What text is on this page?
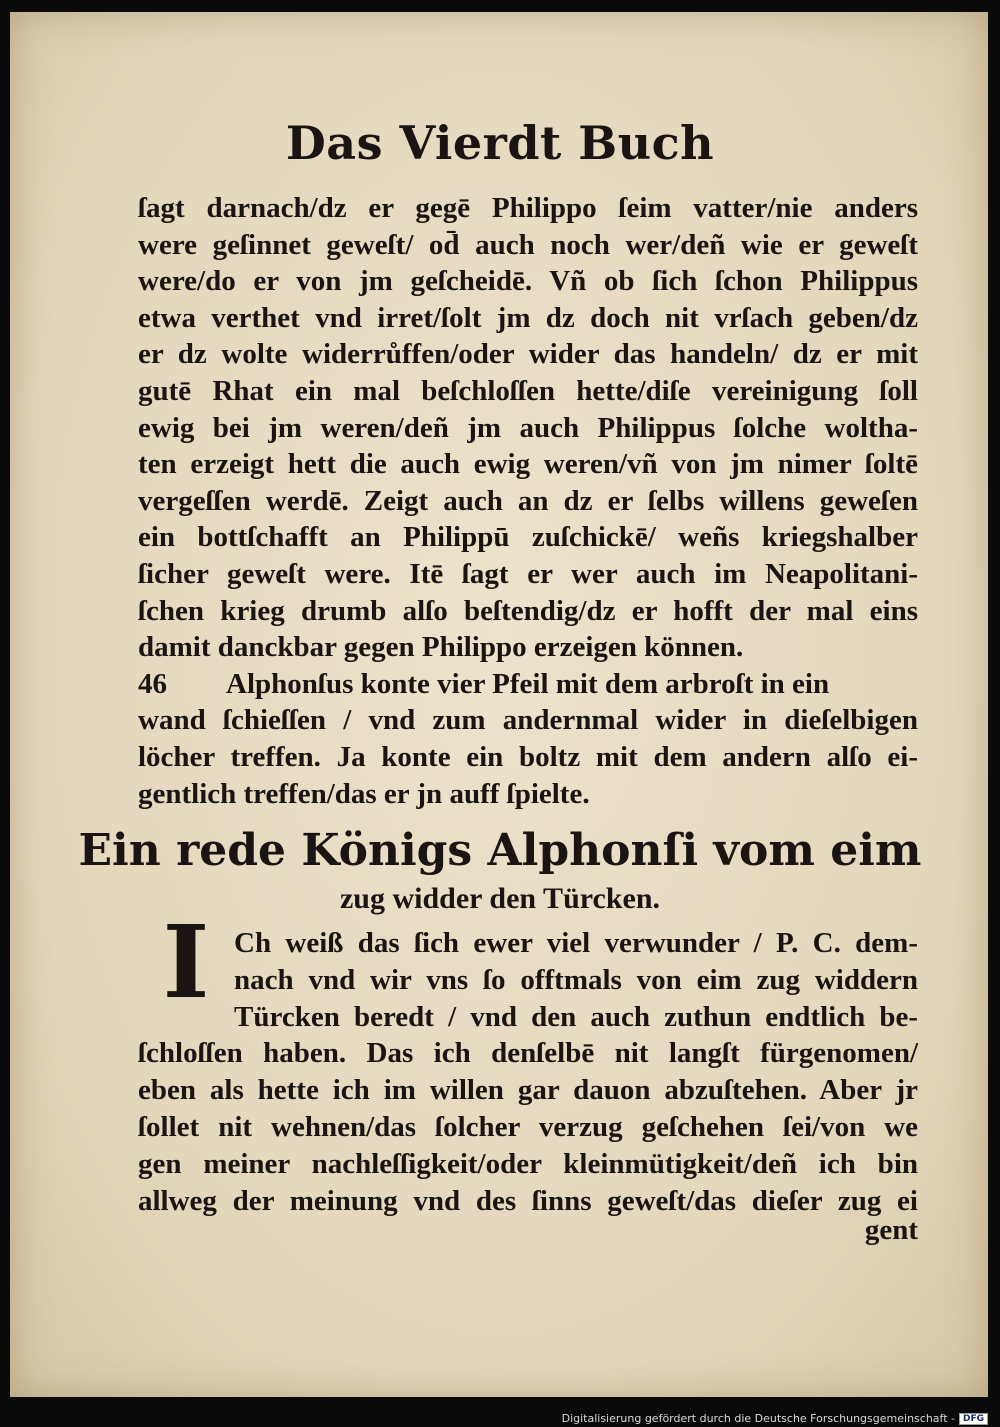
Das Vierdt Buch
ſagt darnach/dz er gegē Philippo ſeim vatter/nie anders
were geſinnet geweſt/ od̄ auch noch wer/deñ wie er geweſt
were/do er von jm geſcheidē. Vñ ob ſich ſchon Philippus
etwa verthet vnd irret/ſolt jm dz doch nit vrſach geben/dz
er dz wolte widerrůffen/oder wider das handeln/ dz er mit
gutē Rhat ein mal beſchloſſen hette/diſe vereinigung ſoll
ewig bei jm weren/deñ jm auch Philippus ſolche woltha-
ten erzeigt hett die auch ewig weren/vñ von jm nimer ſoltē
vergeſſen werdē. Zeigt auch an dz er ſelbs willens geweſen
ein bottſchafft an Philippū zuſchickē/ weñs kriegshalber
ſicher geweſt were. Itē ſagt er wer auch im Neapolitani-
ſchen krieg drumb alſo beſtendig/dz er hofft der mal eins
damit danckbar gegen Philippo erzeigen können.
46 Alphonſus konte vier Pfeil mit dem arbroſt in ein
wand ſchieſſen / vnd zum andernmal wider in dieſelbigen
löcher treffen. Ja konte ein boltz mit dem andern alſo ei-
gentlich treffen/das er jn auff ſpielte.
Ein rede Königs Alphonſi vom eim
zug widder den Türcken.
I Ch weiß das ſich ewer viel verwunder / P. C. dem-
nach vnd wir vns ſo offtmals von eim zug widdern
Türcken beredt / vnd den auch zuthun endtlich be-
ſchloſſen haben. Das ich denſelbē nit langſt fürgenomen/
eben als hette ich im willen gar dauon abzuſtehen. Aber jr
ſollet nit wehnen/das ſolcher verzug geſchehen ſei/von we
gen meiner nachleſſigkeit/oder kleinmütigkeit/deñ ich bin
allweg der meinung vnd des ſinns geweſt/das dieſer zug ei
gent
Digitalisierung gefördert durch die Deutsche Forschungsgemeinschaft - DFG
